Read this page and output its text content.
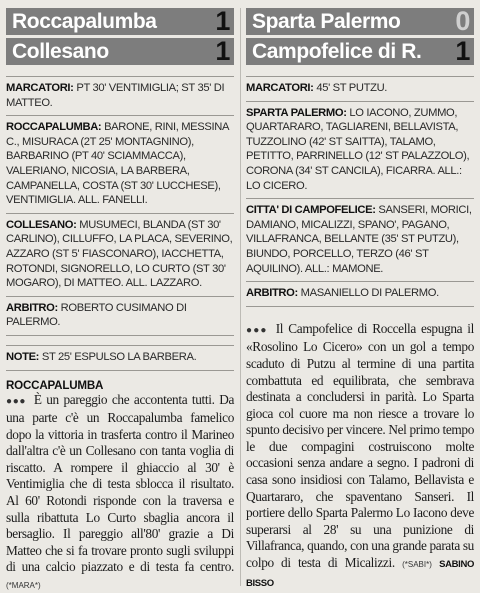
Roccapalumba 1
Collesano	1
MARCATORI: PT 30' VENTIMIGLIA; ST 35' DI MATTEO.
ROCCAPALUMBA: BARONE, RINI, MESSINA C., MISURACA (2T 25' MONTAGNINO), BARBARINO (PT 40' SCIAMMACCA), VALERIANO, NICOSIA, LA BARBERA, CAMPANELLA, COSTA (ST 30' LUCCHESE), VENTIMIGLIA. ALL. FANELLI.
COLLESANO: MUSUMECI, BLANDA (ST 30' CARLINO), CILLUFFO, LA PLACA, SEVERINO, AZZARO (ST 5' FIASCONARO), IACCHETTA, ROTONDI, SIGNORELLO, LO CURTO (ST 30' MOGARO), DI MATTEO. ALL. LAZZARO.
ARBITRO: ROBERTO CUSIMANO DI PALERMO.
NOTE: ST 25' ESPULSO LA BARBERA.
ROCCAPALUMBA

●●● È un pareggio che accontenta tutti. Da una parte c'è un Roccapalumba famelico dopo la vittoria in trasferta contro il Marineo dall'altra c'è un Collesano con tanta voglia di riscatto. A rompere il ghiaccio al 30' è Ventimiglia che di testa sblocca il risultato. Al 60' Rotondi risponde con la traversa e sulla ribattuta Lo Curto sbaglia ancora il bersaglio. Il pareggio all'80' grazie a Di Matteo che si fa trovare pronto sugli sviluppi di una calcio piazzato e di testa fa centro. (*MARA*)

Sparta Palermo 0
Campofelice di R. 1
MARCATORI: 45' ST PUTZU.
SPARTA PALERMO: LO IACONO, ZUMMO, QUARTARARO, TAGLIARENI, BELLAVISTA, TUZZOLINO (42' ST SAITTA), TALAMO, PETITTO, PARRINELLO (12' ST PALAZZOLO), CORONA (34' ST CANCILA), FICARRA. ALL.: LO CICERO.
CITTA' DI CAMPOFELICE: SANSERI, MORICI, DAMIANO, MICALIZZI, SPANO', PAGANO, VILLAFRANCA, BELLANTE (35' ST PUTZU), BIUNDO, PORCELLO, TERZO (46' ST AQUILINO). ALL.: MAMONE.
ARBITRO: MASANIELLO DI PALERMO.

●●● Il Campofelice di Roccella espugna il «Rosolino Lo Cicero» con un gol a tempo scaduto di Putzu al termine di una partita combattuta ed equilibrata, che sembrava destinata a concludersi in parità. Lo Sparta gioca col cuore ma non riesce a trovare lo spunto decisivo per vincere. Nel primo tempo le due compagini costruiscono molte occasioni senza andare a segno. I padroni di casa sono insidiosi con Talamo, Bellavista e Quartararo, che spaventano Sanseri. Il portiere dello Sparta Palermo Lo Iacono deve superarsi al 28' su una punizione di Villafranca, quando, con una grande parata su colpo di testa di Micalizzi. (*SABI*) SABINO BISSO
